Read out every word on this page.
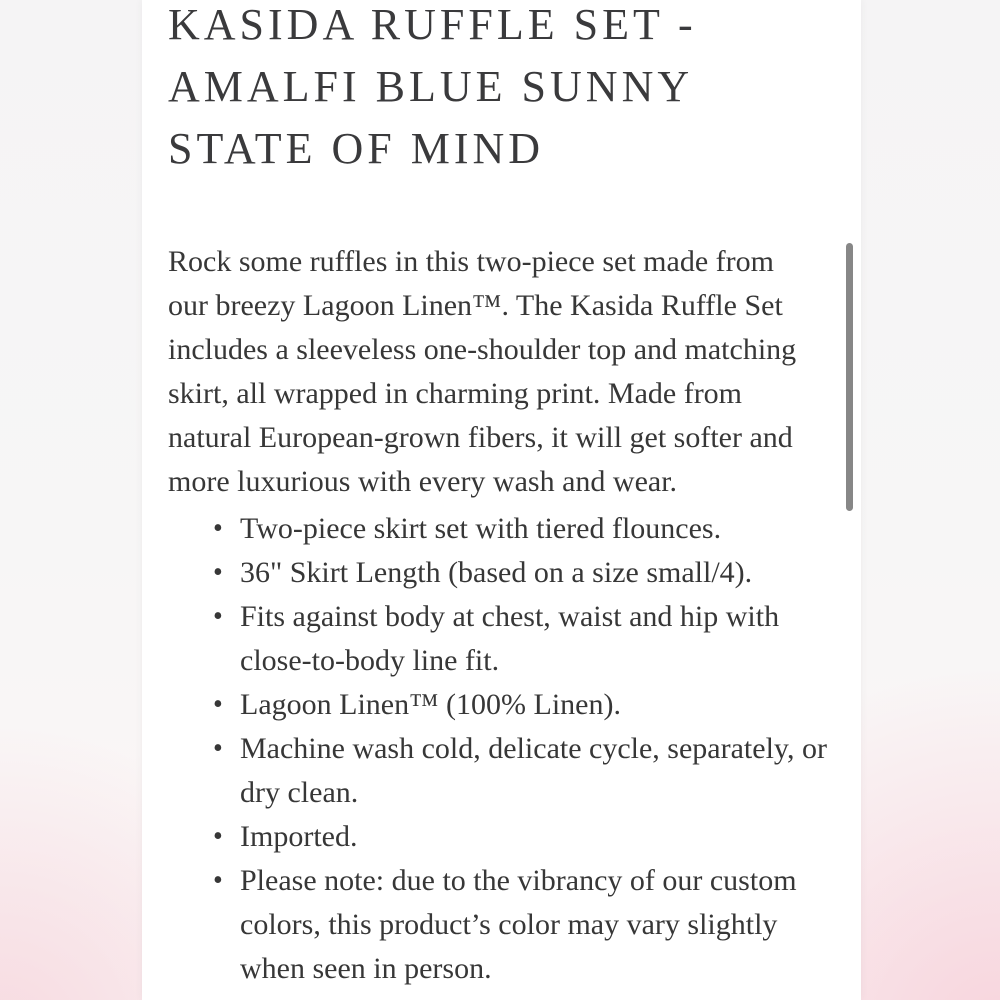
KASIDA RUFFLE SET - AMALFI BLUE SUNNY STATE OF MIND

Rock some ruffles in this two-piece set made from our breezy Lagoon Linen™. The Kasida Ruffle Set includes a sleeveless one-shoulder top and matching skirt, all wrapped in charming print. Made from natural European-grown fibers, it will get softer and more luxurious with every wash and wear.

• Two-piece skirt set with tiered flounces.
• 36" Skirt Length (based on a size small/4).
• Fits against body at chest, waist and hip with close-to-body line fit.
• Lagoon Linen™ (100% Linen).
• Machine wash cold, delicate cycle, separately, or dry clean.
• Imported.
• Please note: due to the vibrancy of our custom colors, this product’s color may vary slightly when seen in person.
